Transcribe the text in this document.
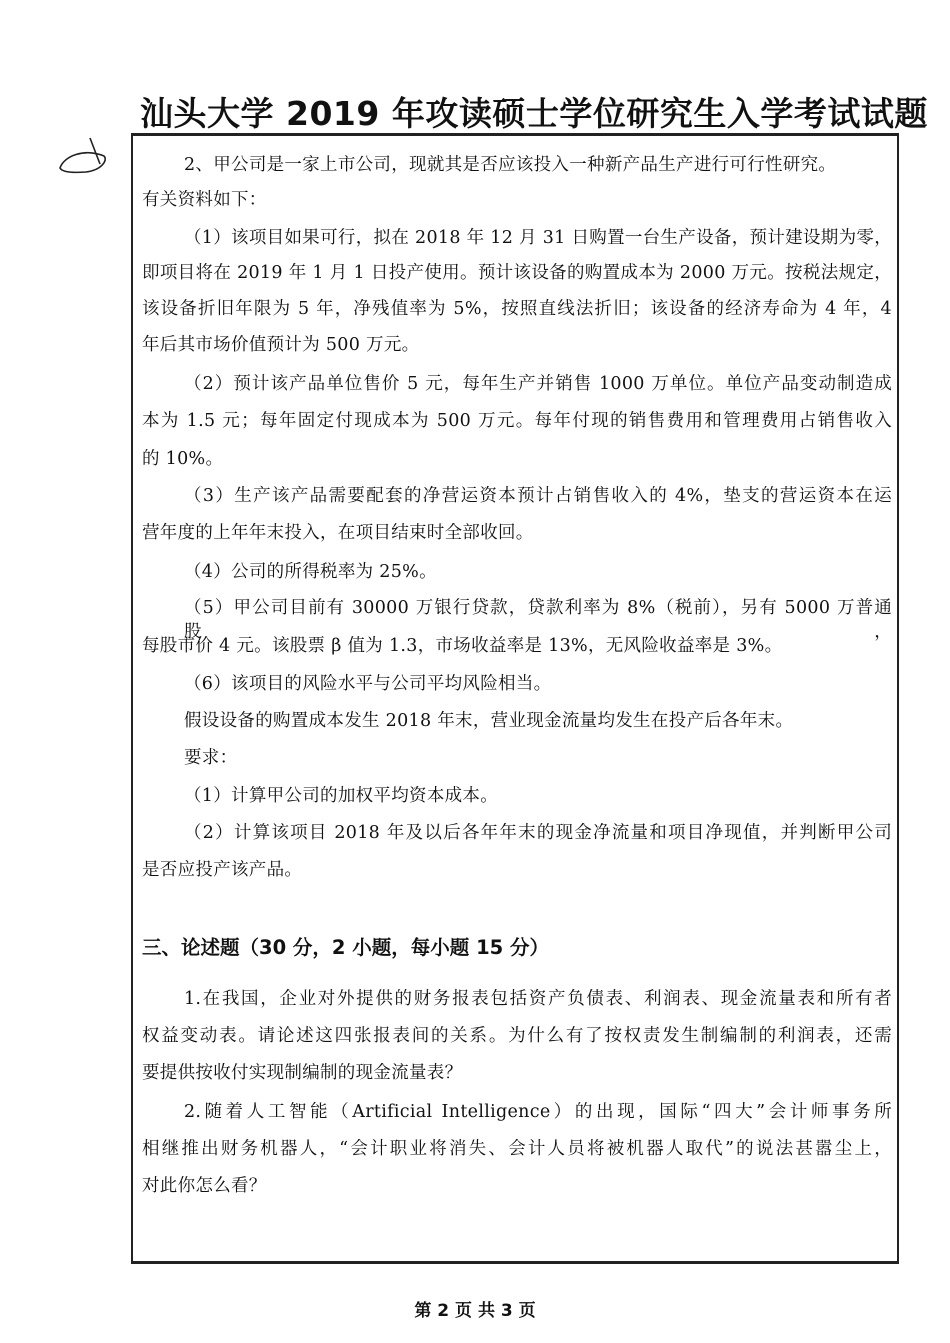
汕头大学 2019 年攻读硕士学位研究生入学考试试题
2、甲公司是一家上市公司，现就其是否应该投入一种新产品生产进行可行性研究。
有关资料如下：
（1）该项目如果可行，拟在 2018 年 12 月 31 日购置一台生产设备，预计建设期为零，
即项目将在 2019 年 1 月 1 日投产使用。预计该设备的购置成本为 2000 万元。按税法规定，
该设备折旧年限为 5 年，净残值率为 5%，按照直线法折旧；该设备的经济寿命为 4 年，4
年后其市场价值预计为 500 万元。
（2）预计该产品单位售价 5 元，每年生产并销售 1000 万单位。单位产品变动制造成
本为 1.5 元；每年固定付现成本为 500 万元。每年付现的销售费用和管理费用占销售收入
的 10%。
（3）生产该产品需要配套的净营运资本预计占销售收入的 4%，垫支的营运资本在运
营年度的上年年末投入，在项目结束时全部收回。
（4）公司的所得税率为 25%。
（5）甲公司目前有 30000 万银行贷款，贷款利率为 8%（税前），另有 5000 万普通股，
每股市价 4 元。该股票 β 值为 1.3，市场收益率是 13%，无风险收益率是 3%。
（6）该项目的风险水平与公司平均风险相当。
假设设备的购置成本发生 2018 年末，营业现金流量均发生在投产后各年末。
要求：
（1）计算甲公司的加权平均资本成本。
（2）计算该项目 2018 年及以后各年年末的现金净流量和项目净现值，并判断甲公司
是否应投产该产品。
三、论述题（30 分，2 小题，每小题 15 分）
1.在我国，企业对外提供的财务报表包括资产负债表、利润表、现金流量表和所有者
权益变动表。请论述这四张报表间的关系。为什么有了按权责发生制编制的利润表，还需
要提供按收付实现制编制的现金流量表？
2.随着人工智能（Artificial Intelligence）的出现，国际“四大”会计师事务所
相继推出财务机器人，“会计职业将消失、会计人员将被机器人取代”的说法甚嚣尘上，
对此你怎么看？
第 2 页 共 3 页
